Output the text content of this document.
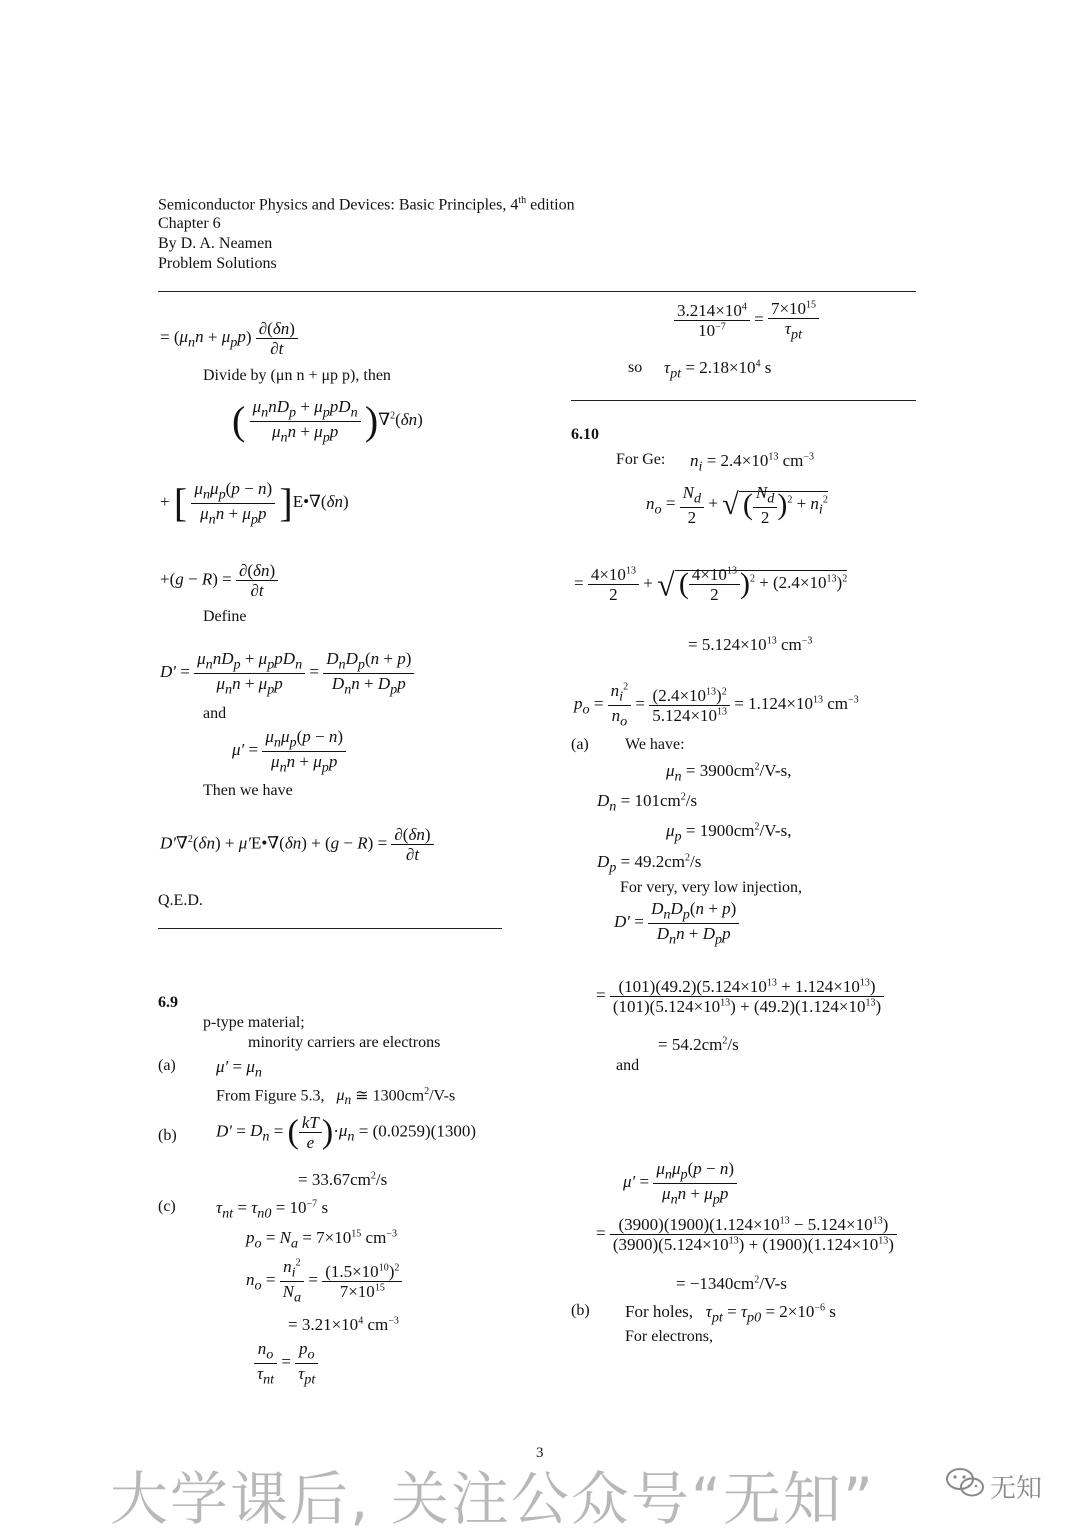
Semiconductor Physics and Devices: Basic Principles, 4th edition
Chapter 6
By D. A. Neamen
Problem Solutions
= $(\mu_nn + \mu_pp) \frac{\partial(\delta n)}{\partial t}$
Divide by (μn n + μp p), then
( $\frac{\mu_nnD_p + \mu_ppD_n}{\mu_nn + \mu_pp} )\nabla^2(\delta n)$
+ [ $\frac{\mu_n\mu_p(p - n)}{\mu_nn + \mu_pp}$ ]E•∇(δn)
$+(g - R) = \frac{\partial(\delta n)}{\partial t}$
Define
$D' = \frac{\mu_nnD_p + \mu_ppD_n}{\mu_nn + \mu_pp} = \frac{D_nD_p(n + p)}{D_nn + D_pp}$
and
$\mu' = \frac{\mu_n\mu_p(p - n)}{\mu_nn + \mu_pp}$
Then we have
D′∇$^2$(δn) + μ′E•∇(δn) + $(g - R) = \frac{\partial(\delta n)}{\partial t}$
Q.E.D.
6.9
p-type material;
minority carriers are electrons
(a) $\mu' = \mu_n$
From Figure 5.3,   $\mu_n$ ≅ $1300cm^2/V-s$
(b) $D' = D_n$ = ( $\frac{kT}{e} )\cdot\mu_n = (0.0259)(1300)$
= $33.67cm^2/s$
(c) $\tau_{nt} = \tau_{n0} = 10^{-7}$ s
$p_o = N_a = 7\times 10^{15}$ $cm^{-3}$
$n_o = \frac{n_i^2}{N_a} = \frac{(1.5\times 10^{10})^2}{7\times 10^{15}}$
= $3.21\times 10^4$ $cm^{-3}$
$\frac{n_o}{\tau_{nt}} = \frac{p_o}{\tau_{pt}}$
$\frac{3.214\times 10^4}{10^{-7}} = \frac{7\times 10^{15}}{\tau_{pt}}$
so $\tau_{pt} = 2.18\times 10^4$ s
6.10
For Ge: $n_i = 2.4\times 10^{13}$ $cm^{-3}$
$n_o = \frac{N_d}{2}$ + √ ( $\frac{N_d}{2} )^2 + n_i^2$
= $\frac{4\times 10^{13}}{2}$ + √ ( $\frac{4\times 10^{13}}{2} )^2 + (2.4\times 10^{13})^2$
= $5.124\times 10^{13}$ $cm^{-3}$
$p_o = \frac{n_i^2}{n_o} = \frac{(2.4\times 10^{13})^2}{5.124\times 10^{13}} = 1.124\times 10^{13}$ $cm^{-3}$
(a) We have:
$\mu_n = 3900cm^2/V-s$,
$D_n = 101cm^2/s$
$\mu_p = 1900cm^2/V-s$,
$D_p = 49.2cm^2/s$
For very, very low injection,
$D' = \frac{D_nD_p(n + p)}{D_nn + D_pp}$
= $\frac{(101)(49.2)(5.124\times 10^{13} + 1.124\times 10^{13})}{(101)(5.124\times 10^{13}) + (49.2)(1.124\times 10^{13})}$
= $54.2cm^2/s$
and
$\mu' = \frac{\mu_n\mu_p(p - n)}{\mu_nn + \mu_pp}$
= $\frac{(3900)(1900)(1.124\times 10^{13} - 5.124\times 10^{13})}{(3900)(5.124\times 10^{13}) + (1900)(1.124\times 10^{13})}$
= $-1340cm^2/V-s$
(b) For holes,   $\tau_{pt} = \tau_{p0} = 2\times 10^{-6}$ s
For electrons,
3
大学课后, 关注公众号“无知”	无知
